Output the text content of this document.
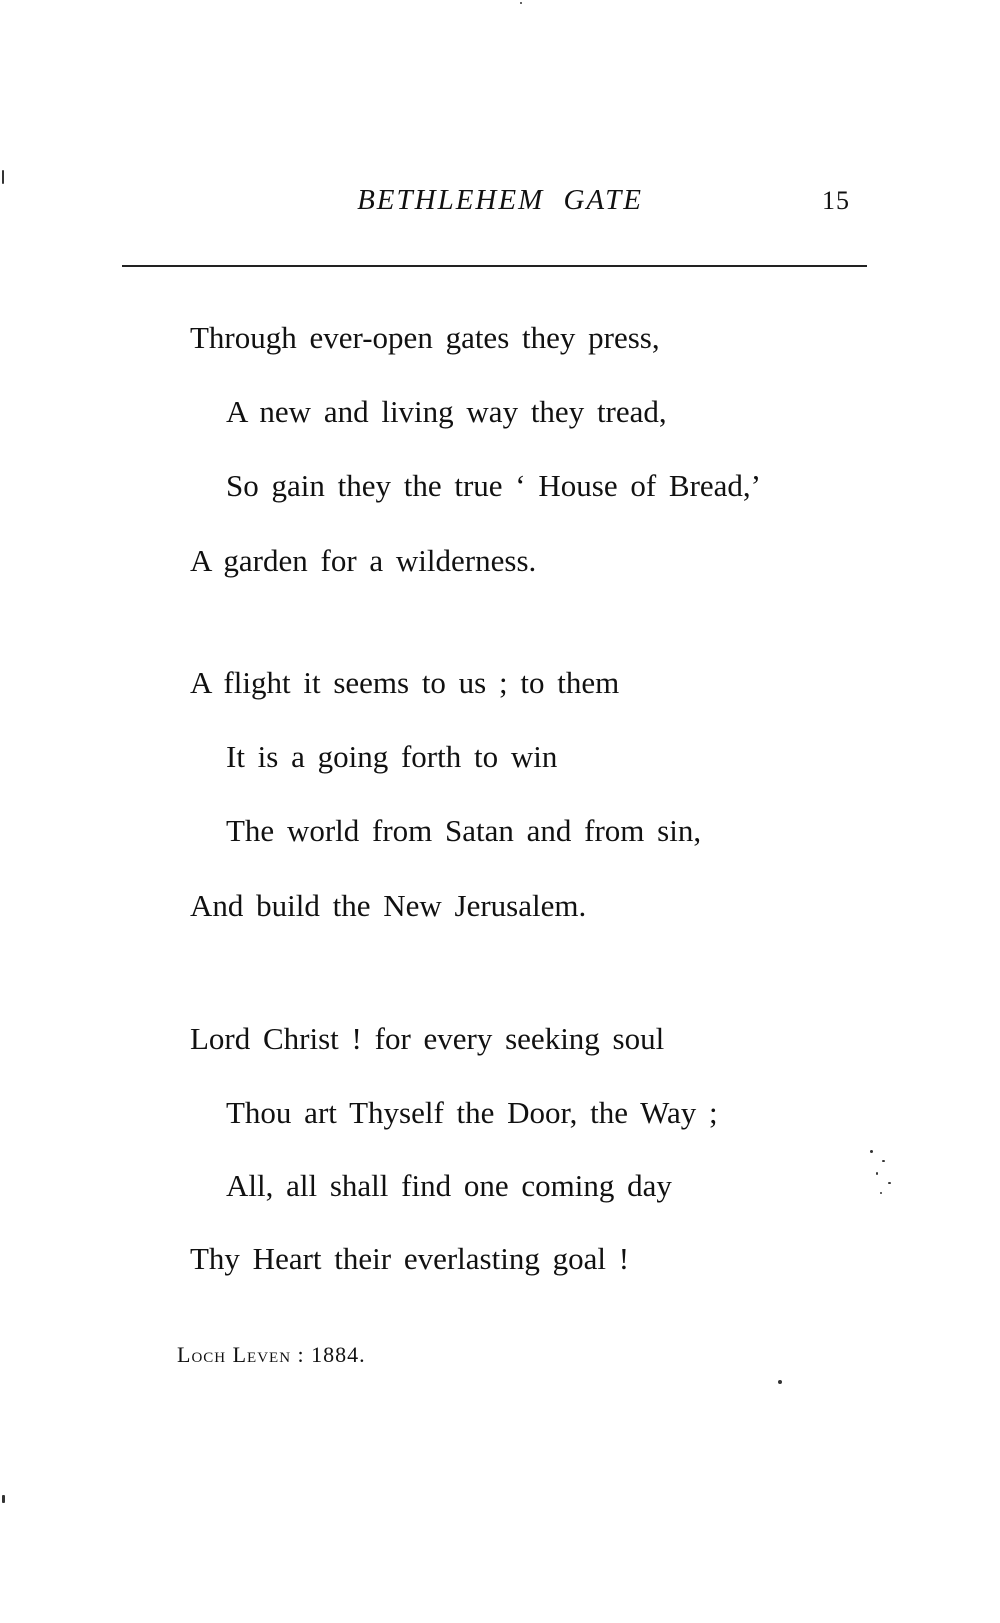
BETHLEHEM GATE	15
Through ever-open gates they press,
A new and living way they tread,
So gain they the true ‘ House of Bread,’
A garden for a wilderness.
A flight it seems to us ; to them
It is a going forth to win
The world from Satan and from sin,
And build the New Jerusalem.
Lord Christ ! for every seeking soul
Thou art Thyself the Door, the Way ;
All, all shall find one coming day
Thy Heart their everlasting goal !
Loch Leven : 1884.
